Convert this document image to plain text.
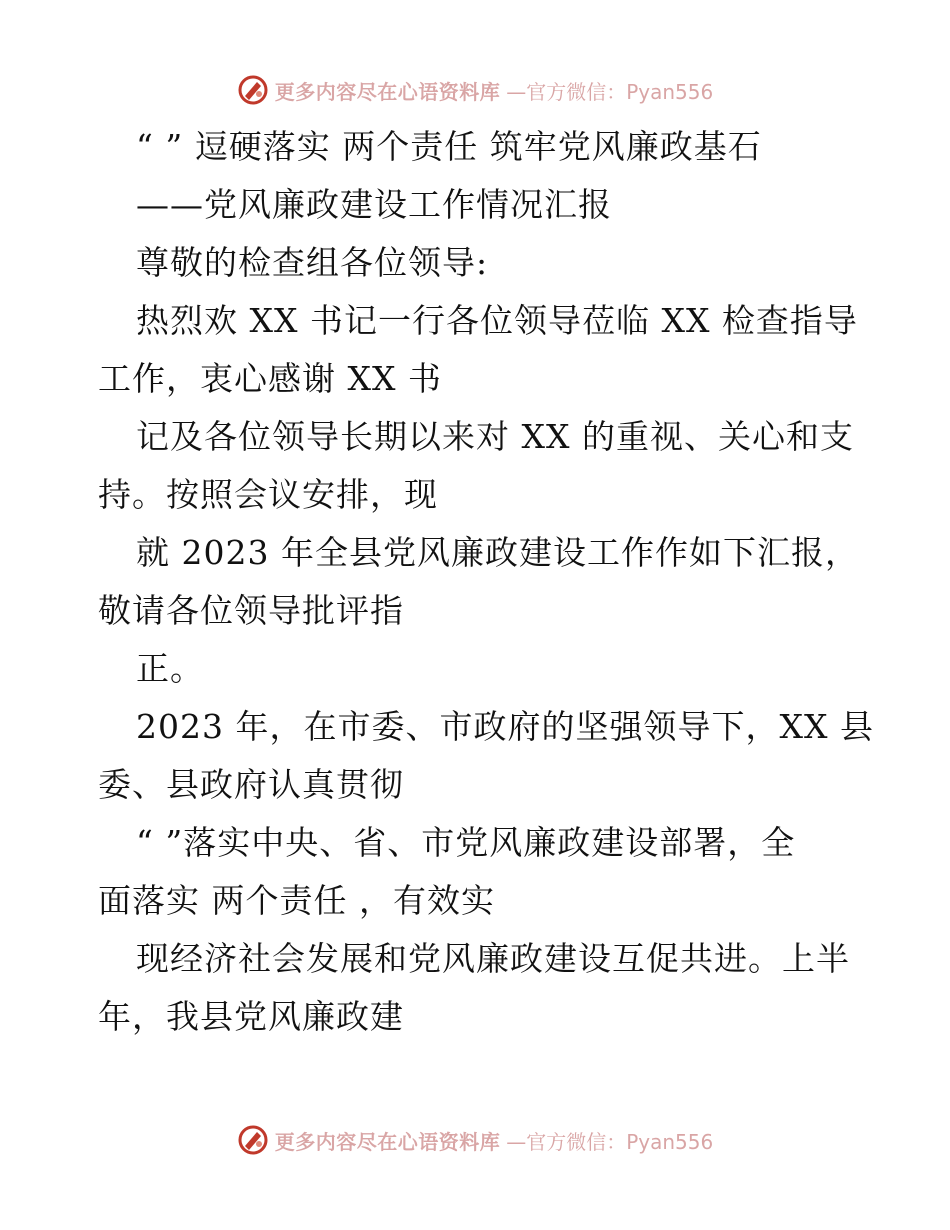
更多内容尽在心语资料库 —官方微信：Pyan556
“ ” 逗硬落实 两个责任 筑牢党风廉政基石
——党风廉政建设工作情况汇报
尊敬的检查组各位领导:
热烈欢 XX 书记一行各位领导莅临 XX 检查指导
工作，衷心感谢 XX 书
记及各位领导长期以来对 XX 的重视、关心和支
持。按照会议安排，现
就 2023 年全县党风廉政建设工作作如下汇报，
敬请各位领导批评指
正。
2023 年，在市委、市政府的坚强领导下，XX 县
委、县政府认真贯彻
“ ”落实中央、省、市党风廉政建设部署，全
面落实 两个责任 ，有效实
现经济社会发展和党风廉政建设互促共进。上半
年，我县党风廉政建
更多内容尽在心语资料库 —官方微信：Pyan556
